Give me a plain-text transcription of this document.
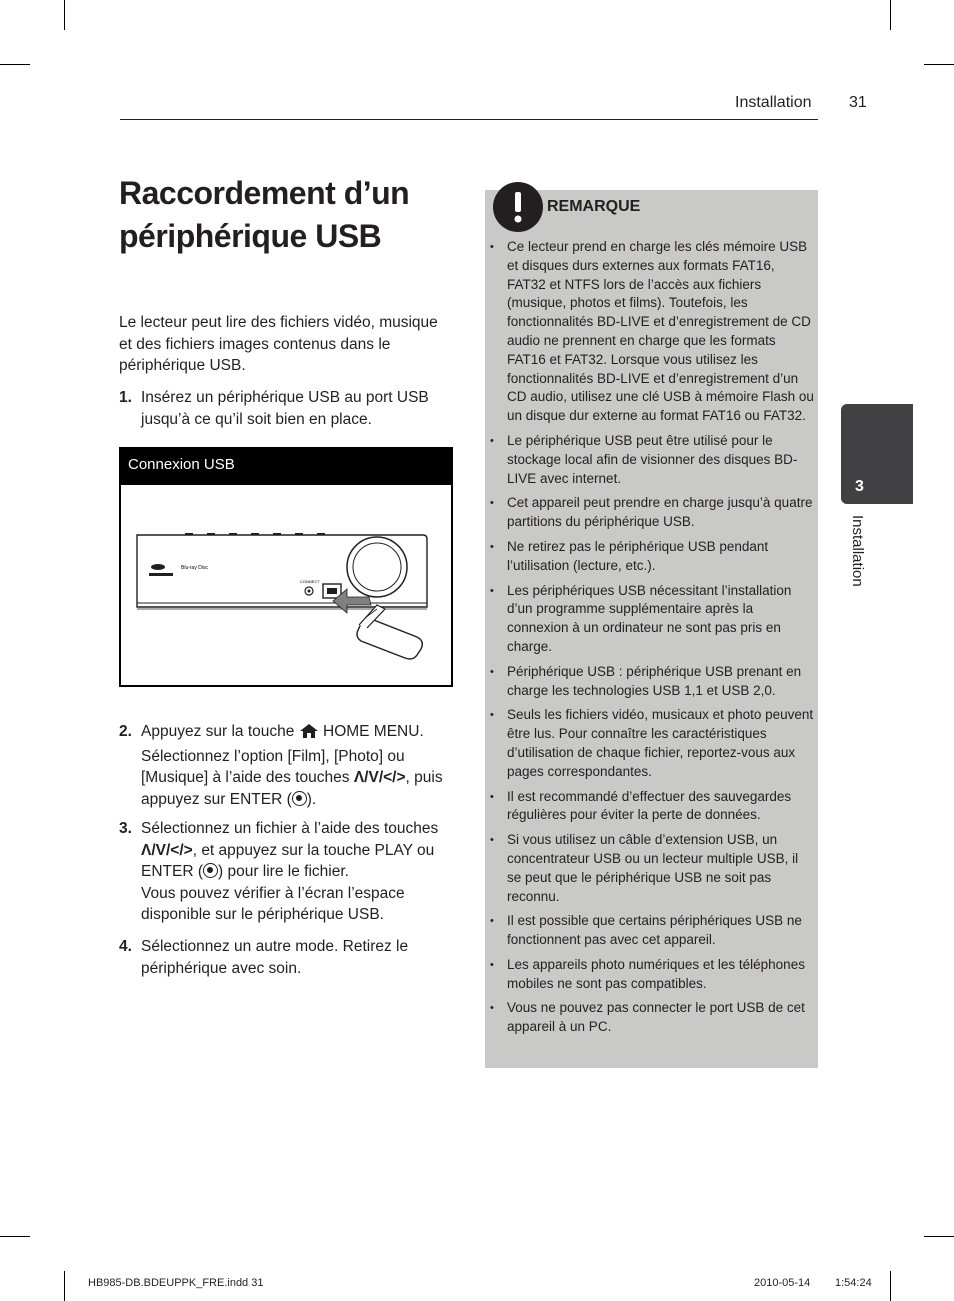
Installation 31
Raccordement d’un périphérique USB

Le lecteur peut lire des fichiers vidéo, musique et des fichiers images contenus dans le périphérique USB.

1. Insérez un périphérique USB au port USB jusqu’à ce qu’il soit bien en place.
Connexion USB
Blu-ray Disc
CONNECT
2. Appuyez sur la touche HOME MENU. Sélectionnez l’option [Film], [Photo] ou [Musique] à l’aide des touches Λ/V/</>, puis appuyez sur ENTER ( ).
3. Sélectionnez un fichier à l’aide des touches Λ/V/</>, et appuyez sur la touche PLAY ou ENTER ( ) pour lire le fichier.
Vous pouvez vérifier à l’écran l’espace disponible sur le périphérique USB.
4. Sélectionnez un autre mode. Retirez le périphérique avec soin.
REMARQUE
• Ce lecteur prend en charge les clés mémoire USB et disques durs externes aux formats FAT16, FAT32 et NTFS lors de l’accès aux fichiers (musique, photos et films). Toutefois, les fonctionnalités BD-LIVE et d’enregistrement de CD audio ne prennent en charge que les formats FAT16 et FAT32. Lorsque vous utilisez les fonctionnalités BD-LIVE et d’enregistrement d’un CD audio, utilisez une clé USB à mémoire Flash ou un disque dur externe au format FAT16 ou FAT32.
• Le périphérique USB peut être utilisé pour le stockage local afin de visionner des disques BD-LIVE avec internet.
• Cet appareil peut prendre en charge jusqu’à quatre partitions du périphérique USB.
• Ne retirez pas le périphérique USB pendant l’utilisation (lecture, etc.).
• Les périphériques USB nécessitant l’installation d’un programme supplémentaire après la connexion à un ordinateur ne sont pas pris en charge.
• Périphérique USB : périphérique USB prenant en charge les technologies USB 1,1 et USB 2,0.
• Seuls les fichiers vidéo, musicaux et photo peuvent être lus. Pour connaître les caractéristiques d’utilisation de chaque fichier, reportez-vous aux pages correspondantes.
• Il est recommandé d’effectuer des sauvegardes régulières pour éviter la perte de données.
• Si vous utilisez un câble d’extension USB, un concentrateur USB ou un lecteur multiple USB, il se peut que le périphérique USB ne soit pas reconnu.
• Il est possible que certains périphériques USB ne fonctionnent pas avec cet appareil.
• Les appareils photo numériques et les téléphones mobiles ne sont pas compatibles.
• Vous ne pouvez pas connecter le port USB de cet appareil à un PC.
3
Installation
HB985-DB.BDEUPPK_FRE.indd 31	2010-05-14 1:54:24
